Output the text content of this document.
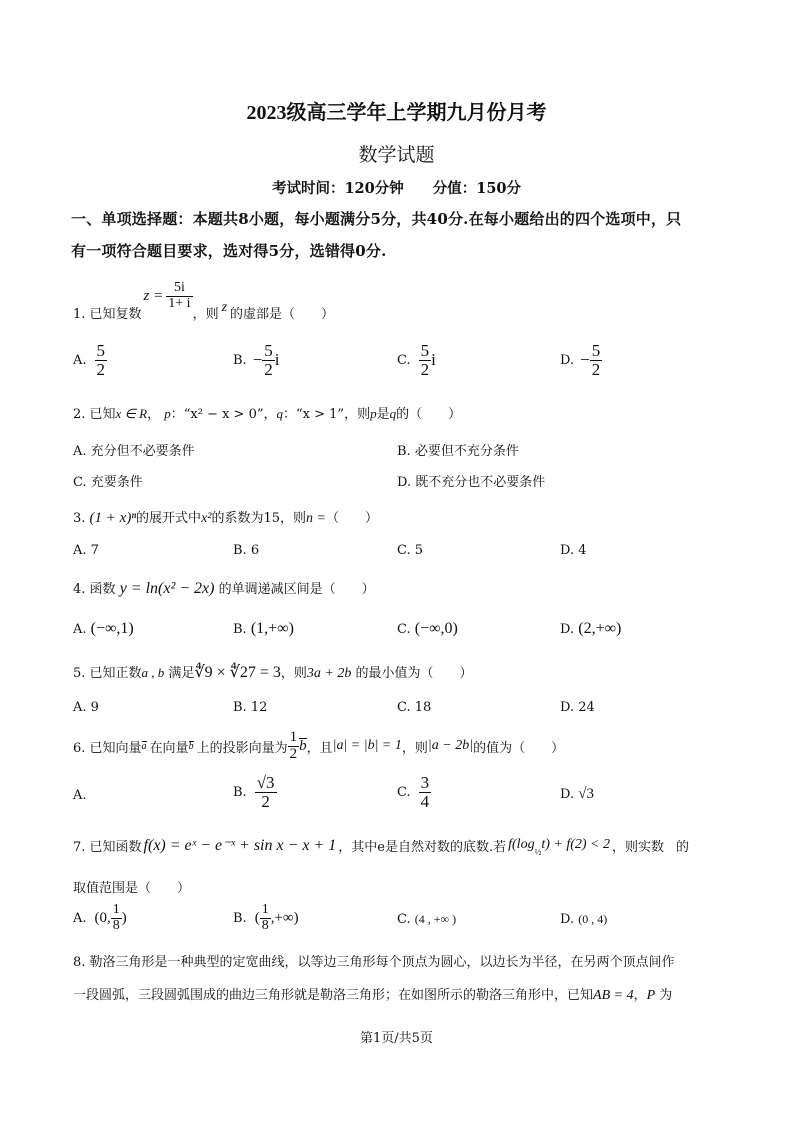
2023级高三学年上学期九月份月考
数学试题
考试时间：120分钟　　分值：150分
一、单项选择题：本题共8小题，每小题满分5分，共40分.在每小题给出的四个选项中，只
有一项符合题目要求，选对得5分，选错得0分.
1. 已知复数
$z = \frac{5i}{1+ i}$
，则 z 的虚部是（　　）
A. $\frac{5}{2}$	B. − $\frac{5}{2}$ i	C. $\frac{5}{2}$ i	D. − $\frac{5}{2}$
2. 已知x ∈ R， p：“x² − x > 0”，q：“x > 1”，则p是q的（　　）
A. 充分但不必要条件	B. 必要但不充分条件
C. 充要条件	D. 既不充分也不必要条件
3. (1 + x)ⁿ的展开式中x²的系数为15，则n =（　　）
A. 7	B. 6	C. 5	D. 4
4. 函数 y = ln(x² − 2x) 的单调递减区间是（　　）
A. (−∞,1)	B. (1,+∞)	C. (−∞,0)	D. (2,+∞)
5. 已知正数a , b 满足∜9 × ∜27 = 3，则3a + 2b 的最小值为（　　）
A. 9	B. 12	C. 18	D. 24
6. 已知向量 a 在向量 b 上的投影向量为 $\frac{1}{2}$ b ，且 |a| = |b| = 1 ，则 |a − 2b| 的值为（　　）
A.	B. $\frac{√3}{2}$	C. $\frac{3}{4}$	D. √3
7. 已知函数 f(x) = eˣ − e⁻ˣ + sin x − x + 1 ，其中e是自然对数的底数.若 f(log ½ t) + f(2) < 2 ，则实数 的
取值范围是（　　）
A. (0, $\frac{1}{8}$ )	B. ( $\frac{1}{8}$ ,+∞)	C. (4 , +∞ )	D. (0 , 4)
8. 勒洛三角形是一种典型的定宽曲线，以等边三角形每个顶点为圆心，以边长为半径，在另两个顶点间作
一段圆弧，三段圆弧围成的曲边三角形就是勒洛三角形；在如图所示的勒洛三角形中，已知AB = 4，P 为
第1页/共5页
